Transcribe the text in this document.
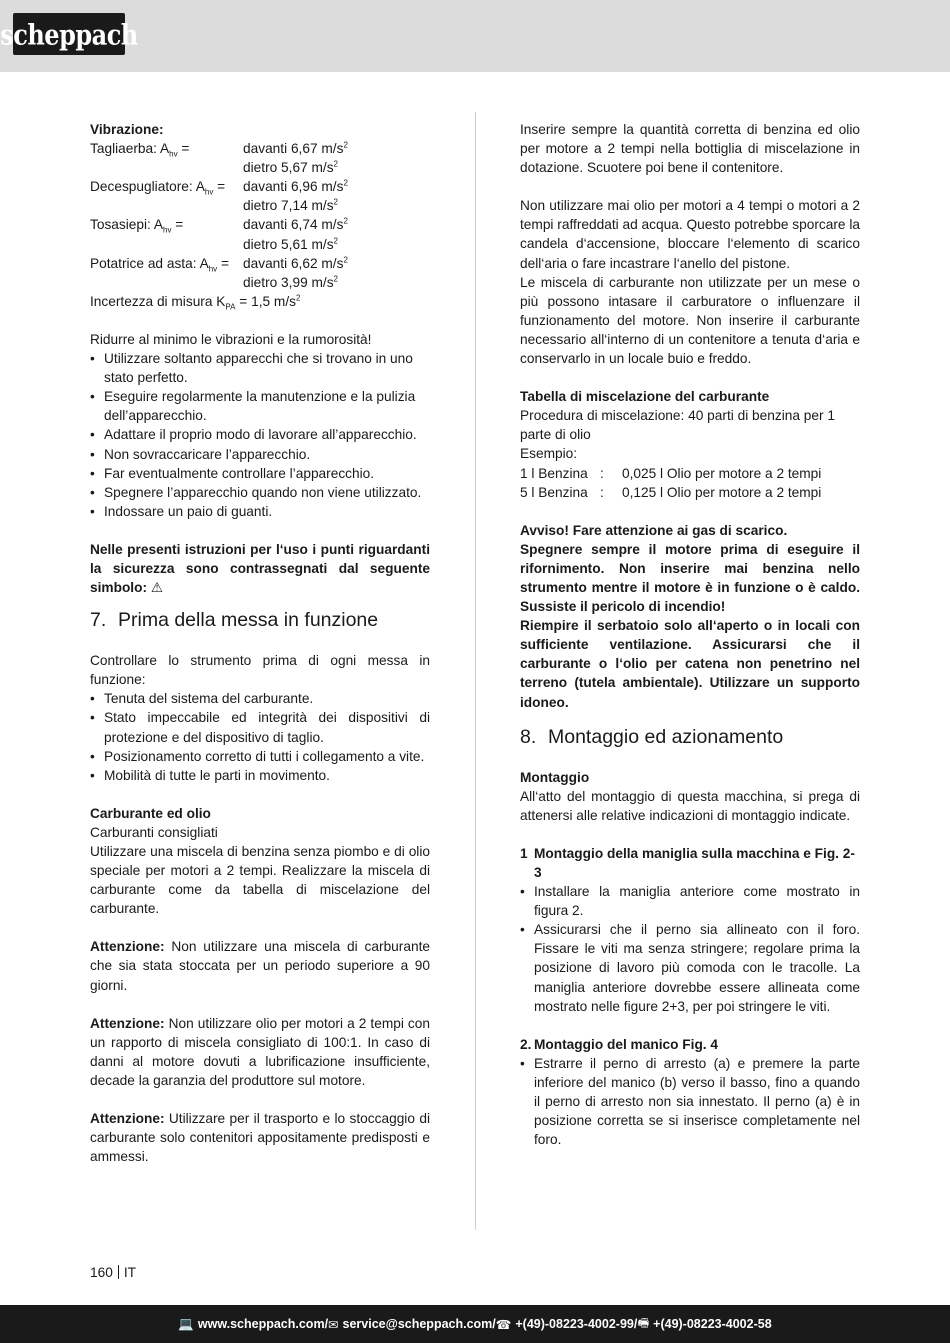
scheppach

Vibrazione:

Tagliaerba: $A_{hv}$ =	davanti 6,67 $m/s^2$
dietro 5,67 $m/s^2$
Decespugliatore: $A_{hv}$ =	davanti 6,96 $m/s^2$
dietro 7,14 $m/s^2$
Tosasiepi: $A_{hv}$ =	davanti 6,74 $m/s^2$
dietro 5,61 $m/s^2$
Potatrice ad asta: $A_{hv}$ =	davanti 6,62 $m/s^2$
dietro 3,99 $m/s^2$

Incertezza di misura $K_{PA} = 1,5$ $m/s^2$

Ridurre al minimo le vibrazioni e la rumorosità!

• Utilizzare soltanto apparecchi che si trovano in uno stato perfetto.
• Eseguire regolarmente la manutenzione e la pulizia dell’apparecchio.
• Adattare il proprio modo di lavorare all’apparecchio.
• Non sovraccaricare l’apparecchio.
• Far eventualmente controllare l’apparecchio.
• Spegnere l’apparecchio quando non viene utilizzato.
• Indossare un paio di guanti.

Nelle presenti istruzioni per l‘uso i punti riguardanti la sicurezza sono contrassegnati dal seguente simbolo: ⚠

7. Prima della messa in funzione

Controllare lo strumento prima di ogni messa in funzione:

• Tenuta del sistema del carburante.
• Stato impeccabile ed integrità dei dispositivi di protezione e del dispositivo di taglio.
• Posizionamento corretto di tutti i collegamento a vite.
• Mobilità di tutte le parti in movimento.

Carburante ed olio

Carburanti consigliati

Utilizzare una miscela di benzina senza piombo e di olio speciale per motori a 2 tempi. Realizzare la miscela di carburante come da tabella di miscelazione del carburante.

Attenzione: Non utilizzare una miscela di carburante che sia stata stoccata per un periodo superiore a 90 giorni.

Attenzione: Non utilizzare olio per motori a 2 tempi con un rapporto di miscela consigliato di 100:1. In caso di danni al motore dovuti a lubrificazione insufficiente, decade la garanzia del produttore sul motore.

Attenzione: Utilizzare per il trasporto e lo stoccaggio di carburante solo contenitori appositamente predisposti e ammessi.

Inserire sempre la quantità corretta di benzina ed olio per motore a 2 tempi nella bottiglia di miscelazione in dotazione. Scuotere poi bene il contenitore.

Non utilizzare mai olio per motori a 4 tempi o motori a 2 tempi raffreddati ad acqua. Questo potrebbe sporcare la candela d‘accensione, bloccare l‘elemento di scarico dell‘aria o fare incastrare l‘anello del pistone.

Le miscela di carburante non utilizzate per un mese o più possono intasare il carburatore o influenzare il funzionamento del motore. Non inserire il carburante necessario all‘interno di un contenitore a tenuta d‘aria e conservarlo in un locale buio e freddo.

Tabella di miscelazione del carburante

Procedura di miscelazione: 40 parti di benzina per 1 parte di olio

Esempio:

1 l Benzina :	0,025 l Olio per motore a 2 tempi
5 l Benzina :	0,125 l Olio per motore a 2 tempi

Avviso! Fare attenzione ai gas di scarico.

Spegnere sempre il motore prima di eseguire il rifornimento. Non inserire mai benzina nello strumento mentre il motore è in funzione o è caldo. Sussiste il pericolo di incendio!

Riempire il serbatoio solo all‘aperto o in locali con sufficiente ventilazione. Assicurarsi che il carburante o l‘olio per catena non penetrino nel terreno (tutela ambientale). Utilizzare un supporto idoneo.

8. Montaggio ed azionamento

Montaggio

All‘atto del montaggio di questa macchina, si prega di attenersi alle relative indicazioni di montaggio indicate.

1 Montaggio della maniglia sulla macchina e Fig. 2-3
• Installare la maniglia anteriore come mostrato in figura 2.
• Assicurarsi che il perno sia allineato con il foro. Fissare le viti ma senza stringere; regolare prima la posizione di lavoro più comoda con le tracolle. La maniglia anteriore dovrebbe essere allineata come mostrato nelle figure 2+3, per poi stringere le viti.
2. Montaggio del manico Fig. 4
• Estrarre il perno di arresto (a) e premere la parte inferiore del manico (b) verso il basso, fino a quando il perno di arresto non sia innestato. Il perno (a) è in posizione corretta se si inserisce completamente nel foro.
160 IT
💻 www.scheppach.com / ✉ service@scheppach.com / ☎ +(49)-08223-4002-99 / 🖷 +(49)-08223-4002-58
